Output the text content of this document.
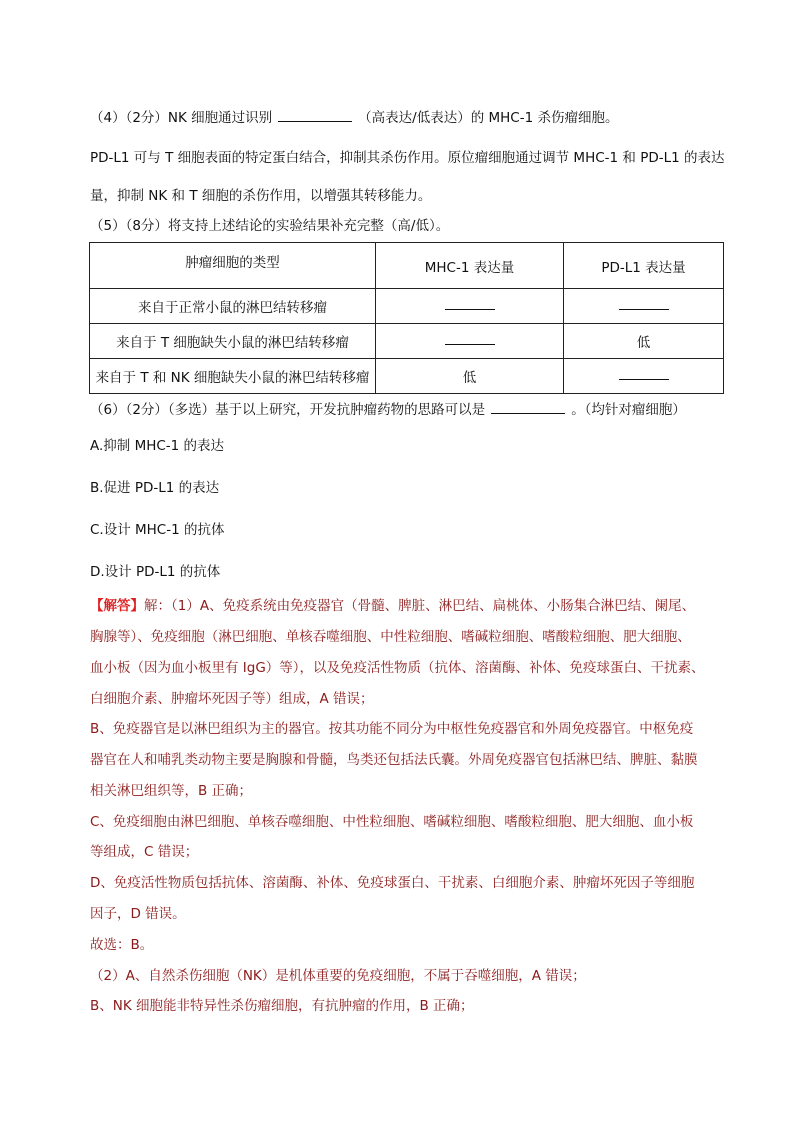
（4）（2分）NK 细胞通过识别	（高表达/低表达）的 MHC-1 杀伤瘤细胞。
PD-L1 可与 T 细胞表面的特定蛋白结合，抑制其杀伤作用。原位瘤细胞通过调节 MHC-1 和 PD-L1 的表达
量，抑制 NK 和 T 细胞的杀伤作用，以增强其转移能力。
（5）（8分）将支持上述结论的实验结果补充完整（高/低）。
肿瘤细胞的类型	MHC-1 表达量	PD-L1 表达量
来自于正常小鼠的淋巴结转移瘤		
来自于 T 细胞缺失小鼠的淋巴结转移瘤		低
来自于 T 和 NK 细胞缺失小鼠的淋巴结转移瘤	低	
（6）（2分）（多选）基于以上研究，开发抗肿瘤药物的思路可以是	。（均针对瘤细胞）
A.抑制 MHC-1 的表达
B.促进 PD-L1 的表达
C.设计 MHC-1 的抗体
D.设计 PD-L1 的抗体
【解答】解：（1）A、免疫系统由免疫器官（骨髓、脾脏、淋巴结、扁桃体、小肠集合淋巴结、阑尾、
胸腺等）、免疫细胞（淋巴细胞、单核吞噬细胞、中性粒细胞、嗜碱粒细胞、嗜酸粒细胞、肥大细胞、
血小板（因为血小板里有 IgG）等），以及免疫活性物质（抗体、溶菌酶、补体、免疫球蛋白、干扰素、
白细胞介素、肿瘤坏死因子等）组成，A 错误；
B、免疫器官是以淋巴组织为主的器官。按其功能不同分为中枢性免疫器官和外周免疫器官。中枢免疫
器官在人和哺乳类动物主要是胸腺和骨髓，鸟类还包括法氏囊。外周免疫器官包括淋巴结、脾脏、黏膜
相关淋巴组织等，B 正确；
C、免疫细胞由淋巴细胞、单核吞噬细胞、中性粒细胞、嗜碱粒细胞、嗜酸粒细胞、肥大细胞、血小板
等组成，C 错误；
D、免疫活性物质包括抗体、溶菌酶、补体、免疫球蛋白、干扰素、白细胞介素、肿瘤坏死因子等细胞
因子，D 错误。
故选：B。
（2）A、自然杀伤细胞（NK）是机体重要的免疫细胞，不属于吞噬细胞，A 错误；
B、NK 细胞能非特异性杀伤瘤细胞，有抗肿瘤的作用，B 正确；
